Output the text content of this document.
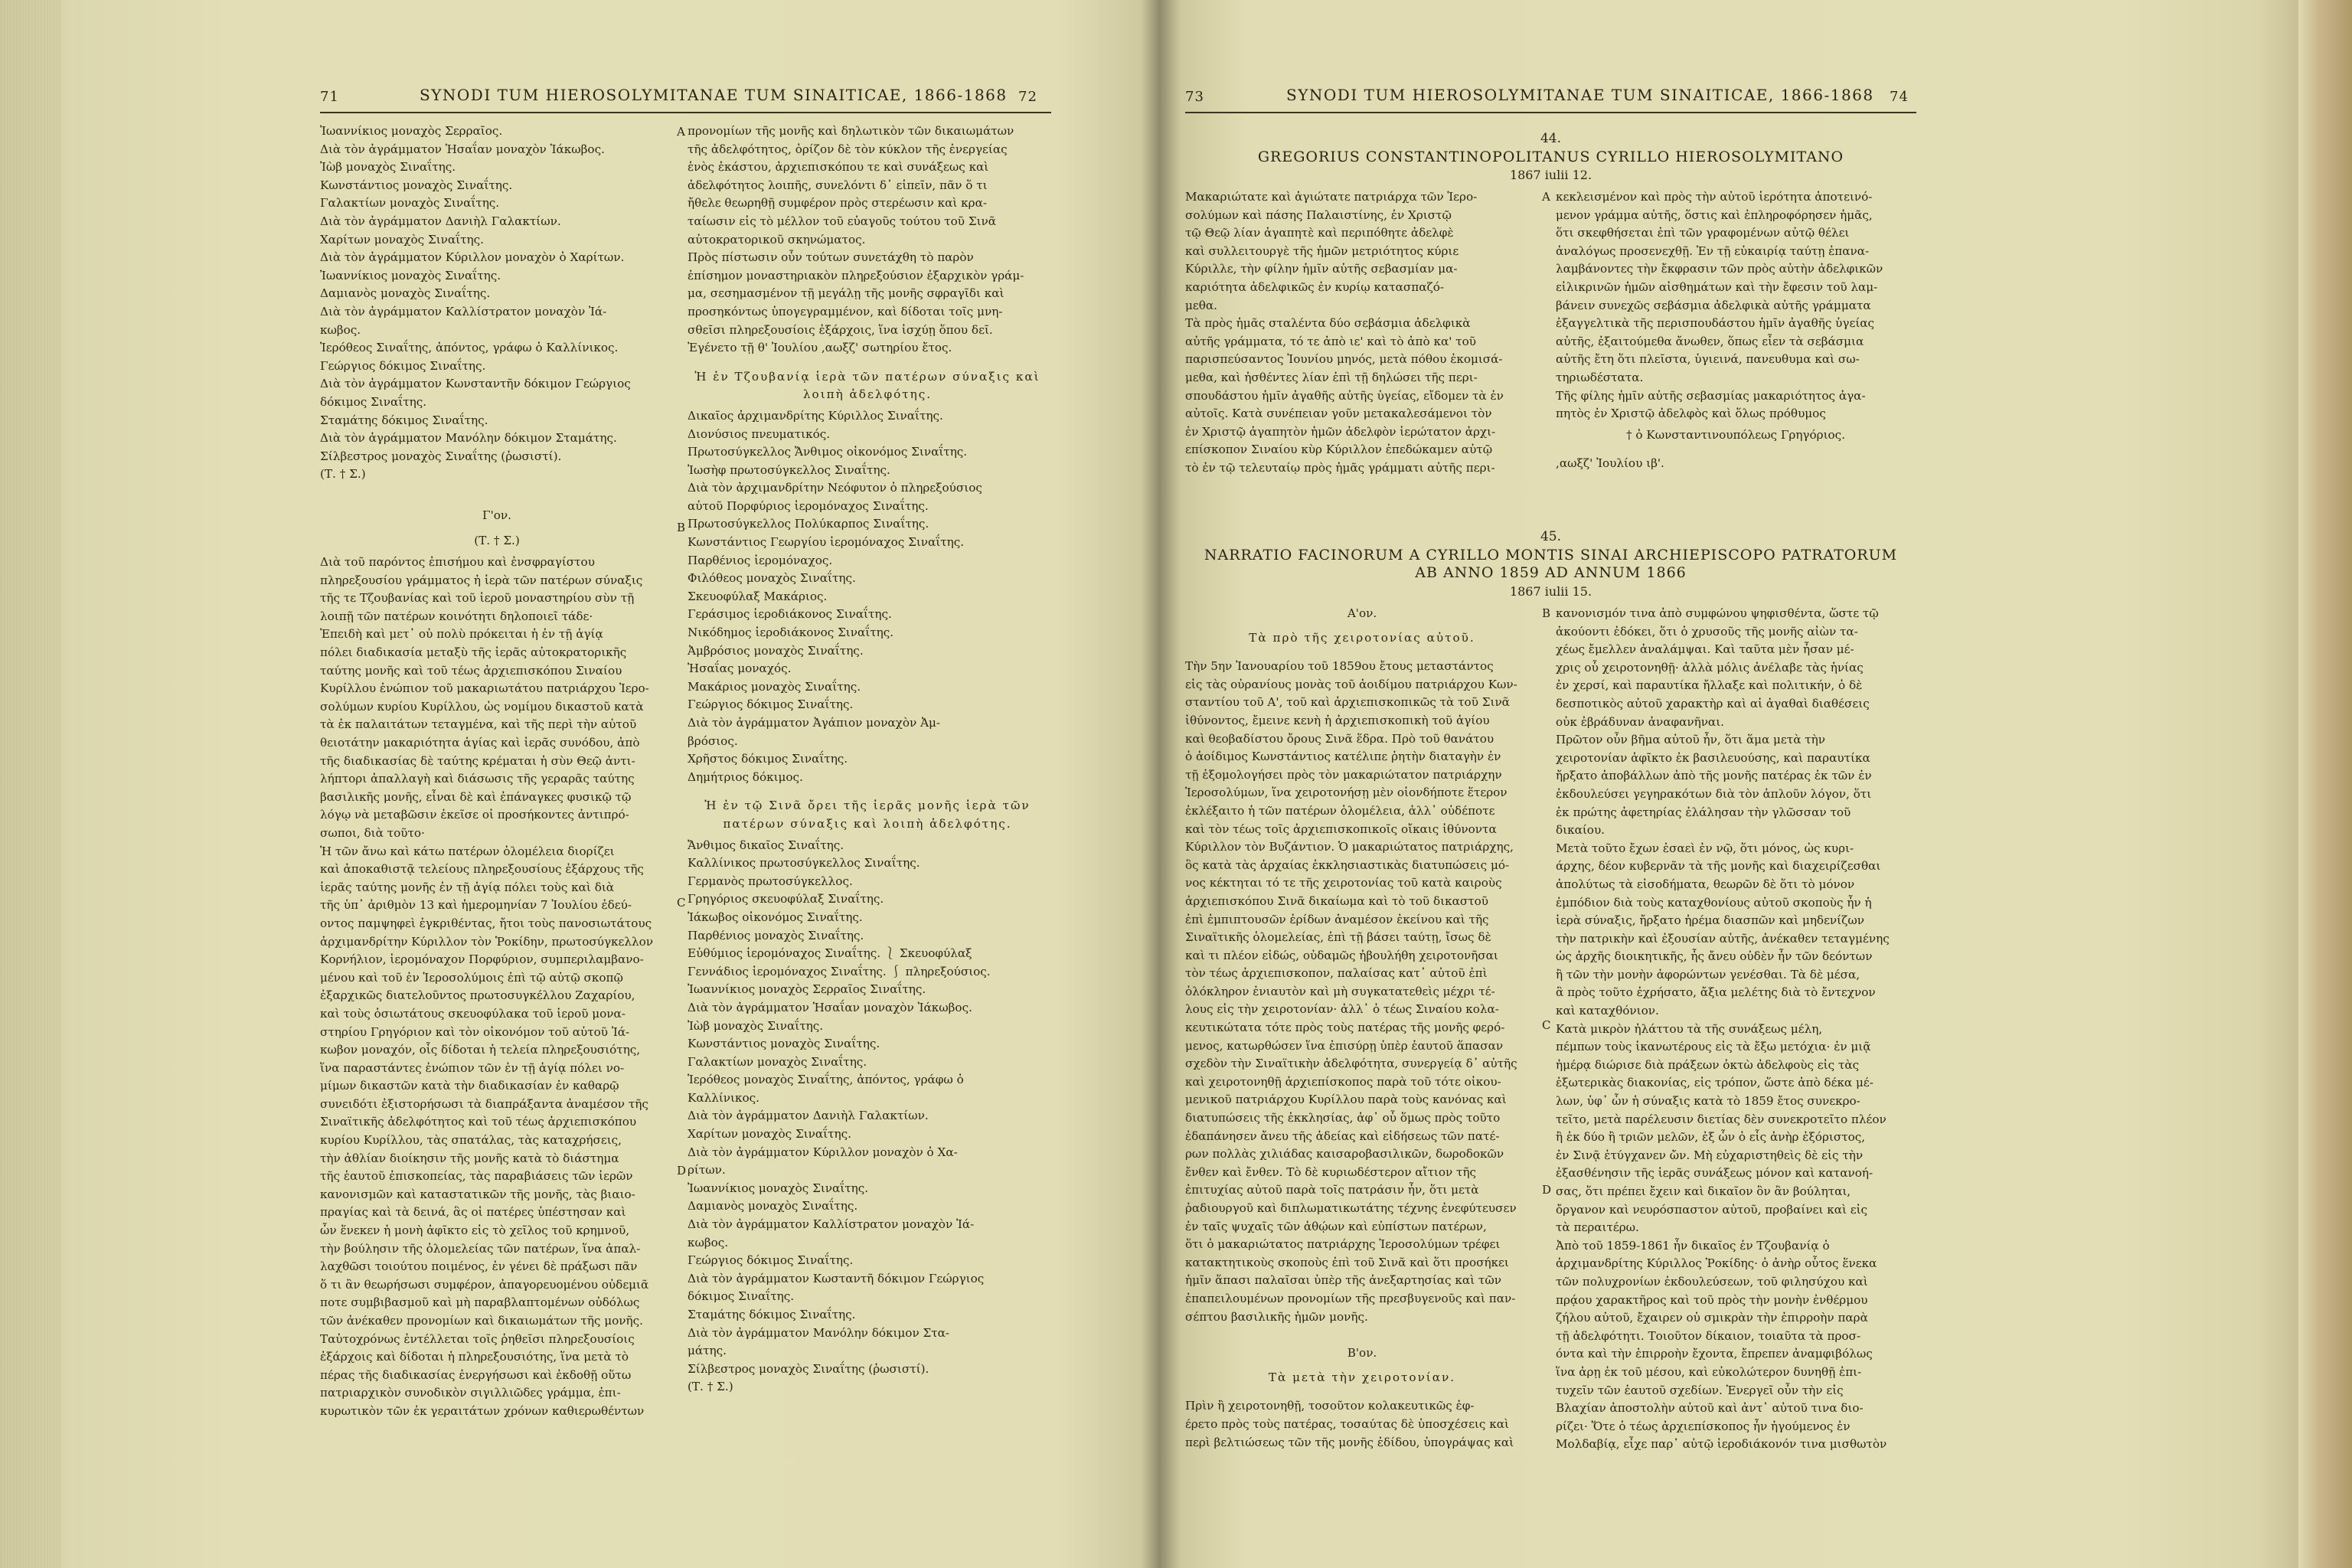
71	SYNODI TUM HIEROSOLYMITANAE TUM SINAITICAE, 1866-1868 72
Ἰωαννίκιος μοναχὸς Σερραῖος.
Διὰ τὸν ἀγράμματον Ἡσαΐαν μοναχὸν Ἰάκωβος.
Ἰὼβ μοναχὸς Σιναΐτης.
Κωνστάντιος μοναχὸς Σιναΐτης.
Γαλακτίων μοναχὸς Σιναΐτης.
Διὰ τὸν ἀγράμματον Δανιὴλ Γαλακτίων.
Χαρίτων μοναχὸς Σιναΐτης.
Διὰ τὸν ἀγράμματον Κύριλλον μοναχὸν ὁ Χαρίτων.
Ἰωαννίκιος μοναχὸς Σιναΐτης.
Δαμιανὸς μοναχὸς Σιναΐτης.
Διὰ τὸν ἀγράμματον Καλλίστρατον μοναχὸν Ἰά-
κωβος.
Ἱερόθεος Σιναΐτης, ἀπόντος, γράφω ὁ Καλλίνικος.
Γεώργιος δόκιμος Σιναΐτης.
Διὰ τὸν ἀγράμματον Κωνσταντῆν δόκιμον Γεώργιος
δόκιμος Σιναΐτης.
Σταμάτης δόκιμος Σιναΐτης.
Διὰ τὸν ἀγράμματον Μανόλην δόκιμον Σταμάτης.
Σίλβεστρος μοναχὸς Σιναΐτης (ῥωσιστί).
(Τ. † Σ.)
Γ'ον.
(Τ. † Σ.)
Διὰ τοῦ παρόντος ἐπισήμου καὶ ἐνσφραγίστου
πληρεξουσίου γράμματος ἡ ἱερὰ τῶν πατέρων σύναξις
τῆς τε Τζουβανίας καὶ τοῦ ἱεροῦ μοναστηρίου σὺν τῇ
λοιπῇ τῶν πατέρων κοινότητι δηλοποιεῖ τάδε·
Ἐπειδὴ καὶ μετ᾽ οὐ πολὺ πρόκειται ἡ ἐν τῇ ἁγίᾳ
πόλει διαδικασία μεταξὺ τῆς ἱερᾶς αὐτοκρατορικῆς
ταύτης μονῆς καὶ τοῦ τέως ἀρχιεπισκόπου Σιναίου
Κυρίλλου ἐνώπιον τοῦ μακαριωτάτου πατριάρχου Ἱερο-
σολύμων κυρίου Κυρίλλου, ὡς νομίμου δικαστοῦ κατὰ
τὰ ἐκ παλαιτάτων τεταγμένα, καὶ τῆς περὶ τὴν αὐτοῦ
θειοτάτην μακαριότητα ἁγίας καὶ ἱερᾶς συνόδου, ἀπὸ
τῆς διαδικασίας δὲ ταύτης κρέμαται ἡ σὺν Θεῷ ἀντι-
λήπτορι ἀπαλλαγὴ καὶ διάσωσις τῆς γεραρᾶς ταύτης
βασιλικῆς μονῆς, εἶναι δὲ καὶ ἐπάναγκες φυσικῷ τῷ
λόγῳ νὰ μεταβῶσιν ἐκεῖσε οἱ προσήκοντες ἀντιπρό-
σωποι, διὰ τοῦτο·
Ἡ τῶν ἄνω καὶ κάτω πατέρων ὁλομέλεια διορίζει
καὶ ἀποκαθιστᾷ τελείους πληρεξουσίους ἐξάρχους τῆς
ἱερᾶς ταύτης μονῆς ἐν τῇ ἁγίᾳ πόλει τοὺς καὶ διὰ
τῆς ὑπ᾽ ἀριθμὸν 13 καὶ ἡμερομηνίαν 7 Ἰουλίου ἐδεύ-
οντος παμψηφεὶ ἐγκριθέντας, ἤτοι τοὺς πανοσιωτάτους
ἀρχιμανδρίτην Κύριλλον τὸν Ῥοκίδην, πρωτοσύγκελλον
Κορνήλιον, ἱερομόναχον Πορφύριον, συμπεριλαμβανο-
μένου καὶ τοῦ ἐν Ἱεροσολύμοις ἐπὶ τῷ αὐτῷ σκοπῷ
ἐξαρχικῶς διατελοῦντος πρωτοσυγκέλλου Ζαχαρίου,
καὶ τοὺς ὁσιωτάτους σκευοφύλακα τοῦ ἱεροῦ μονα-
στηρίου Γρηγόριον καὶ τὸν οἰκονόμον τοῦ αὐτοῦ Ἰά-
κωβον μοναχόν, οἷς δίδοται ἡ τελεία πληρεξουσιότης,
ἵνα παραστάντες ἐνώπιον τῶν ἐν τῇ ἁγίᾳ πόλει νο-
μίμων δικαστῶν κατὰ τὴν διαδικασίαν ἐν καθαρῷ
συνειδότι ἐξιστορήσωσι τὰ διαπράξαντα ἀναμέσον τῆς
Σιναϊτικῆς ἀδελφότητος καὶ τοῦ τέως ἀρχιεπισκόπου
κυρίου Κυρίλλου, τὰς σπατάλας, τὰς καταχρήσεις,
τὴν ἀθλίαν διοίκησιν τῆς μονῆς κατὰ τὸ διάστημα
τῆς ἑαυτοῦ ἐπισκοπείας, τὰς παραβιάσεις τῶν ἱερῶν
κανονισμῶν καὶ καταστατικῶν τῆς μονῆς, τὰς βιαιο-
πραγίας καὶ τὰ δεινά, ἃς οἱ πατέρες ὑπέστησαν καὶ
ὧν ἕνεκεν ἡ μονὴ ἀφῖκτο εἰς τὸ χεῖλος τοῦ κρημνοῦ,
τὴν βούλησιν τῆς ὁλομελείας τῶν πατέρων, ἵνα ἀπαλ-
λαχθῶσι τοιούτου ποιμένος, ἐν γένει δὲ πράξωσι πᾶν
ὅ τι ἂν θεωρήσωσι συμφέρον, ἀπαγορευομένου οὐδεμιᾶ
ποτε συμβιβασμοῦ καὶ μὴ παραβλαπτομένων οὐδόλως
τῶν ἀνέκαθεν προνομίων καὶ δικαιωμάτων τῆς μονῆς.
Ταὐτοχρόνως ἐντέλλεται τοῖς ῥηθεῖσι πληρεξουσίοις
ἐξάρχοις καὶ δίδοται ἡ πληρεξουσιότης, ἵνα μετὰ τὸ
πέρας τῆς διαδικασίας ἐνεργήσωσι καὶ ἐκδοθῇ οὕτω
πατριαρχικὸν συνοδικὸν σιγιλλιῶδες γράμμα, ἐπι-
κυρωτικὸν τῶν ἐκ γεραιτάτων χρόνων καθιερωθέντων
προνομίων τῆς μονῆς καὶ δηλωτικὸν τῶν δικαιωμάτων
τῆς ἀδελφότητος, ὁρίζον δὲ τὸν κύκλον τῆς ἐνεργείας
ἑνὸς ἑκάστου, ἀρχιεπισκόπου τε καὶ συνάξεως καὶ
ἀδελφότητος λοιπῆς, συνελόντι δ᾽ εἰπεῖν, πᾶν ὅ τι
ἤθελε θεωρηθῇ συμφέρον πρὸς στερέωσιν καὶ κρα-
ταίωσιν εἰς τὸ μέλλον τοῦ εὐαγοῦς τούτου τοῦ Σινᾶ
αὐτοκρατορικοῦ σκηνώματος.
Πρὸς πίστωσιν οὖν τούτων συνετάχθη τὸ παρὸν
ἐπίσημον μοναστηριακὸν πληρεξούσιον ἐξαρχικὸν γράμ-
μα, σεσημασμένον τῇ μεγάλῃ τῆς μονῆς σφραγῖδι καὶ
προσηκόντως ὑπογεγραμμένον, καὶ δίδοται τοῖς μνη-
σθεῖσι πληρεξουσίοις ἐξάρχοις, ἵνα ἰσχύῃ ὅπου δεῖ.
Ἐγένετο τῇ θ' Ἰουλίου ,αωξζ' σωτηρίου ἔτος.
Ἡ ἐν Τζουβανίᾳ ἱερὰ τῶν πατέρων σύναξις καὶ λοιπὴ ἀδελφότης.
Δικαῖος ἀρχιμανδρίτης Κύριλλος Σιναΐτης.
Διονύσιος πνευματικός.
Πρωτοσύγκελλος Ἄνθιμος οἰκονόμος Σιναΐτης.
Ἰωσὴφ πρωτοσύγκελλος Σιναΐτης.
Διὰ τὸν ἀρχιμανδρίτην Νεόφυτον ὁ πληρεξούσιος
αὐτοῦ Πορφύριος ἱερομόναχος Σιναΐτης.
Πρωτοσύγκελλος Πολύκαρπος Σιναΐτης.
Κωνστάντιος Γεωργίου ἱερομόναχος Σιναΐτης.
Παρθένιος ἱερομόναχος.
Φιλόθεος μοναχὸς Σιναΐτης.
Σκευοφύλαξ Μακάριος.
Γεράσιμος ἱεροδιάκονος Σιναΐτης.
Νικόδημος ἱεροδιάκονος Σιναΐτης.
Ἀμβρόσιος μοναχὸς Σιναΐτης.
Ἡσαΐας μοναχός.
Μακάριος μοναχὸς Σιναΐτης.
Γεώργιος δόκιμος Σιναΐτης.
Διὰ τὸν ἀγράμματον Ἀγάπιον μοναχὸν Ἀμ-
βρόσιος.
Χρῆστος δόκιμος Σιναΐτης.
Δημήτριος δόκιμος.
Ἡ ἐν τῷ Σινᾶ ὄρει τῆς ἱερᾶς μονῆς ἱερὰ τῶν πατέρων σύναξις καὶ λοιπὴ ἀδελφότης.
Ἄνθιμος δικαῖος Σιναΐτης.
Καλλίνικος πρωτοσύγκελλος Σιναΐτης.
Γερμανὸς πρωτοσύγκελλος.
Γρηγόριος σκευοφύλαξ Σιναΐτης.
Ἰάκωβος οἰκονόμος Σιναΐτης.
Παρθένιος μοναχὸς Σιναΐτης.
Εὐθύμιος ἱερομόναχος Σιναΐτης. ⎱ Σκευοφύλαξ
Γεννάδιος ἱερομόναχος Σιναΐτης. ⎰ πληρεξούσιος.
Ἰωαννίκιος μοναχὸς Σερραῖος Σιναΐτης.
Διὰ τὸν ἀγράμματον Ἡσαΐαν μοναχὸν Ἰάκωβος.
Ἰὼβ μοναχὸς Σιναΐτης.
Κωνστάντιος μοναχὸς Σιναΐτης.
Γαλακτίων μοναχὸς Σιναΐτης.
Ἱερόθεος μοναχὸς Σιναΐτης, ἀπόντος, γράφω ὁ
Καλλίνικος.
Διὰ τὸν ἀγράμματον Δανιὴλ Γαλακτίων.
Χαρίτων μοναχὸς Σιναΐτης.
Διὰ τὸν ἀγράμματον Κύριλλον μοναχὸν ὁ Χα-
ρίτων.
Ἰωαννίκιος μοναχὸς Σιναΐτης.
Δαμιανὸς μοναχὸς Σιναΐτης.
Διὰ τὸν ἀγράμματον Καλλίστρατον μοναχὸν Ἰά-
κωβος.
Γεώργιος δόκιμος Σιναΐτης.
Διὰ τὸν ἀγράμματον Κωσταντῆ δόκιμον Γεώργιος
δόκιμος Σιναΐτης.
Σταμάτης δόκιμος Σιναΐτης.
Διὰ τὸν ἀγράμματον Μανόλην δόκιμον Στα-
μάτης.
Σίλβεστρος μοναχὸς Σιναΐτης (ῥωσιστί).
(Τ. † Σ.)
A
B
C
D
73	SYNODI TUM HIEROSOLYMITANAE TUM SINAITICAE, 1866-1868 74
44.
GREGORIUS CONSTANTINOPOLITANUS CYRILLO HIEROSOLYMITANO
1867 iulii 12.
Μακαριώτατε καὶ ἁγιώτατε πατριάρχα τῶν Ἱερο-
σολύμων καὶ πάσης Παλαιστίνης, ἐν Χριστῷ
τῷ Θεῷ λίαν ἀγαπητὲ καὶ περιπόθητε ἀδελφὲ
καὶ συλλειτουργὲ τῆς ἡμῶν μετριότητος κύριε
Κύριλλε, τὴν φίλην ἡμῖν αὐτῆς σεβασμίαν μα-
καριότητα ἀδελφικῶς ἐν κυρίῳ κατασπαζό-
μεθα.
Τὰ πρὸς ἡμᾶς σταλέντα δύο σεβάσμια ἀδελφικὰ
αὐτῆς γράμματα, τό τε ἀπὸ ιε' καὶ τὸ ἀπὸ κα' τοῦ
παρισπεύσαντος Ἰουνίου μηνός, μετὰ πόθου ἐκομισά-
μεθα, καὶ ἠσθέντες λίαν ἐπὶ τῇ δηλώσει τῆς περι-
σπουδάστου ἡμῖν ἀγαθῆς αὐτῆς ὑγείας, εἴδομεν τὰ ἐν
αὐτοῖς. Κατὰ συνέπειαν γοῦν μετακαλεσάμενοι τὸν
ἐν Χριστῷ ἀγαπητὸν ἡμῶν ἀδελφὸν ἱερώτατον ἀρχι-
επίσκοπον Σιναίου κὺρ Κύριλλον ἐπεδώκαμεν αὐτῷ
τὸ ἐν τῷ τελευταίῳ πρὸς ἡμᾶς γράμματι αὐτῆς περι-
κεκλεισμένον καὶ πρὸς τὴν αὐτοῦ ἱερότητα ἀποτεινό-
μενον γράμμα αὐτῆς, ὅστις καὶ ἐπληροφόρησεν ἡμᾶς,
ὅτι σκεφθήσεται ἐπὶ τῶν γραφομένων αὐτῷ θέλει
ἀναλόγως προσενεχθῇ. Ἐν τῇ εὐκαιρίᾳ ταύτῃ ἐπανα-
λαμβάνοντες τὴν ἔκφρασιν τῶν πρὸς αὐτὴν ἀδελφικῶν
εἰλικρινῶν ἡμῶν αἰσθημάτων καὶ τὴν ἔφεσιν τοῦ λαμ-
βάνειν συνεχῶς σεβάσμια ἀδελφικὰ αὐτῆς γράμματα
ἐξαγγελτικὰ τῆς περισπουδάστου ἡμῖν ἀγαθῆς ὑγείας
αὐτῆς, ἐξαιτούμεθα ἄνωθεν, ὅπως εἶεν τὰ σεβάσμια
αὐτῆς ἔτη ὅτι πλεῖστα, ὑγιεινά, πανευθυμα καὶ σω-
τηριωδέστατα.
Τῆς φίλης ἡμῖν αὐτῆς σεβασμίας μακαριότητος ἀγα-
πητὸς ἐν Χριστῷ ἀδελφὸς καὶ ὅλως πρόθυμος
† ὁ Κωνσταντινουπόλεως Γρηγόριος.
,αωξζ' Ἰουλίου ιβ'.
A
45.
NARRATIO FACINORUM A CYRILLO MONTIS SINAI ARCHIEPISCOPO PATRATORUM
AB ANNO 1859 AD ANNUM 1866
1867 iulii 15.
Α'ον.
Τὰ πρὸ τῆς χειροτονίας αὐτοῦ.
Τὴν 5ην Ἰανουαρίου τοῦ 1859ου ἔτους μεταστάντος
εἰς τὰς οὐρανίους μονὰς τοῦ ἀοιδίμου πατριάρχου Κων-
σταντίου τοῦ Α', τοῦ καὶ ἀρχιεπισκοπικῶς τὰ τοῦ Σινᾶ
ἰθύνοντος, ἔμεινε κενὴ ἡ ἀρχιεπισκοπικὴ τοῦ ἁγίου
καὶ θεοβαδίστου ὄρους Σινᾶ ἕδρα. Πρὸ τοῦ θανάτου
ὁ ἀοίδιμος Κωνστάντιος κατέλιπε ῥητὴν διαταγὴν ἐν
τῇ ἐξομολογήσει πρὸς τὸν μακαριώτατον πατριάρχην
Ἱεροσολύμων, ἵνα χειροτονήσῃ μὲν οἱονδήποτε ἕτερον
ἐκλέξαιτο ἡ τῶν πατέρων ὁλομέλεια, ἀλλ᾽ οὐδέποτε
καὶ τὸν τέως τοῖς ἀρχιεπισκοπικοῖς οἴκαις ἰθύνοντα
Κύριλλον τὸν Βυζάντιον. Ὁ μακαριώτατος πατριάρχης,
ὃς κατὰ τὰς ἀρχαίας ἐκκλησιαστικὰς διατυπώσεις μό-
νος κέκτηται τό τε τῆς χειροτονίας τοῦ κατὰ καιροὺς
ἀρχιεπισκόπου Σινᾶ δικαίωμα καὶ τὸ τοῦ δικαστοῦ
ἐπὶ ἐμπιπτουσῶν ἐρίδων ἀναμέσον ἐκείνου καὶ τῆς
Σιναϊτικῆς ὁλομελείας, ἐπὶ τῇ βάσει ταύτῃ, ἴσως δὲ
καὶ τι πλέον εἰδώς, οὐδαμῶς ἠβουλήθη χειροτονῆσαι
τὸν τέως ἀρχιεπισκοπον, παλαίσας κατ᾽ αὐτοῦ ἐπὶ
ὁλόκληρον ἐνιαυτὸν καὶ μὴ συγκατατεθεὶς μέχρι τέ-
λους εἰς τὴν χειροτονίαν· ἀλλ᾽ ὁ τέως Σιναίου κολα-
κευτικώτατα τότε πρὸς τοὺς πατέρας τῆς μονῆς φερό-
μενος, κατωρθώσεν ἵνα ἐπισύρῃ ὑπὲρ ἑαυτοῦ ἅπασαν
σχεδὸν τὴν Σιναϊτικὴν ἀδελφότητα, συνεργείᾳ δ᾽ αὐτῆς
καὶ χειροτονηθῇ ἀρχιεπίσκοπος παρὰ τοῦ τότε οἰκου-
μενικοῦ πατριάρχου Κυρίλλου παρὰ τοὺς κανόνας καὶ
διατυπώσεις τῆς ἐκκλησίας, ἀφ᾽ οὗ ὅμως πρὸς τοῦτο
ἐδαπάνησεν ἄνευ τῆς ἀδείας καὶ εἰδήσεως τῶν πατέ-
ρων πολλὰς χιλιάδας καισαροβασιλικῶν, δωροδοκῶν
ἔνθεν καὶ ἔνθεν. Τὸ δὲ κυριωδέστερον αἴτιον τῆς
ἐπιτυχίας αὐτοῦ παρὰ τοῖς πατράσιν ἦν, ὅτι μετὰ
ῥαδιουργοῦ καὶ διπλωματικωτάτης τέχνης ἐνεφύτευσεν
ἐν ταῖς ψυχαῖς τῶν ἀθῴων καὶ εὐπίστων πατέρων,
ὅτι ὁ μακαριώτατος πατριάρχης Ἱεροσολύμων τρέφει
κατακτητικοὺς σκοποὺς ἐπὶ τοῦ Σινᾶ καὶ ὅτι προσήκει
ἡμῖν ἅπασι παλαῖσαι ὑπὲρ τῆς ἀνεξαρτησίας καὶ τῶν
ἐπαπειλουμένων προνομίων τῆς πρεσβυγενοῦς καὶ παν-
σέπτου βασιλικῆς ἡμῶν μονῆς.
Β'ον.
Τὰ μετὰ τὴν χειροτονίαν.
Πρὶν ἢ χειροτονηθῇ, τοσοῦτον κολακευτικῶς ἐφ-
έρετο πρὸς τοὺς πατέρας, τοσαύτας δὲ ὑποσχέσεις καὶ
περὶ βελτιώσεως τῶν τῆς μονῆς ἐδίδου, ὑπογράψας καὶ
κανονισμόν τινα ἀπὸ συμφώνου ψηφισθέντα, ὥστε τῷ
ἀκούοντι ἐδόκει, ὅτι ὁ χρυσοῦς τῆς μονῆς αἰὼν τα-
χέως ἔμελλεν ἀναλάμψαι. Καὶ ταῦτα μὲν ἦσαν μέ-
χρις οὗ χειροτονηθῇ· ἀλλὰ μόλις ἀνέλαβε τὰς ἡνίας
ἐν χερσί, καὶ παραυτίκα ἤλλαξε καὶ πολιτικήν, ὁ δὲ
δεσποτικὸς αὐτοῦ χαρακτὴρ καὶ αἱ ἀγαθαὶ διαθέσεις
οὐκ ἐβράδυναν ἀναφανῆναι.
Πρῶτον οὖν βῆμα αὐτοῦ ἦν, ὅτι ἅμα μετὰ τὴν
χειροτονίαν ἀφῖκτο ἐκ βασιλευούσης, καὶ παραυτίκα
ἤρξατο ἀποβάλλων ἀπὸ τῆς μονῆς πατέρας ἐκ τῶν ἐν
ἐκδουλεύσει γεγηρακότων διὰ τὸν ἁπλοῦν λόγον, ὅτι
ἐκ πρώτης ἀφετηρίας ἐλάλησαν τὴν γλῶσσαν τοῦ
δικαίου.
Μετὰ τοῦτο ἔχων ἐσαεὶ ἐν νῷ, ὅτι μόνος, ὡς κυρι-
άρχης, δέον κυβερνᾶν τὰ τῆς μονῆς καὶ διαχειρίζεσθαι
ἀπολύτως τὰ εἰσοδήματα, θεωρῶν δὲ ὅτι τὸ μόνον
ἐμπόδιον διὰ τοὺς καταχθονίους αὐτοῦ σκοποὺς ἦν ἡ
ἱερὰ σύναξις, ἤρξατο ἠρέμα διασπῶν καὶ μηδενίζων
τὴν πατρικὴν καὶ ἐξουσίαν αὐτῆς, ἀνέκαθεν τεταγμένης
ὡς ἀρχῆς διοικητικῆς, ἧς ἄνευ οὐδὲν ἦν τῶν δεόντων
ἢ τῶν τὴν μονὴν ἀφορώντων γενέσθαι. Τὰ δὲ μέσα,
ἃ πρὸς τοῦτο ἐχρήσατο, ἄξια μελέτης διὰ τὸ ἔντεχνον
καὶ καταχθόνιον.
Κατὰ μικρὸν ἠλάττου τὰ τῆς συνάξεως μέλη,
πέμπων τοὺς ἱκανωτέρους εἰς τὰ ἔξω μετόχια· ἐν μιᾷ
ἡμέρᾳ διώρισε διὰ πράξεων ὀκτὼ ἀδελφοὺς εἰς τὰς
ἐξωτερικὰς διακονίας, εἰς τρόπον, ὥστε ἀπὸ δέκα μέ-
λων, ὑφ᾽ ὧν ἡ σύναξις κατὰ τὸ 1859 ἔτος συνεκρο-
τεῖτο, μετὰ παρέλευσιν διετίας δὲν συνεκροτεῖτο πλέον
ἢ ἐκ δύο ἢ τριῶν μελῶν, ἐξ ὧν ὁ εἷς ἀνὴρ ἐξόριστος,
ἐν Σινᾷ ἐτύγχανεν ὤν. Μὴ εὐχαριστηθεὶς δὲ εἰς τὴν
ἐξασθένησιν τῆς ἱερᾶς συνάξεως μόνον καὶ κατανοή-
σας, ὅτι πρέπει ἔχειν καὶ δικαῖον ὃν ἂν βούληται,
ὄργανον καὶ νευρόσπαστον αὐτοῦ, προβαίνει καὶ εἰς
τὰ περαιτέρω.
Ἀπὸ τοῦ 1859-1861 ἦν δικαῖος ἐν Τζουβανίᾳ ὁ
ἀρχιμανδρίτης Κύριλλος Ῥοκίδης· ὁ ἀνὴρ οὗτος ἕνεκα
τῶν πολυχρονίων ἐκδουλεύσεων, τοῦ φιλησύχου καὶ
πρᾴου χαρακτῆρος καὶ τοῦ πρὸς τὴν μονὴν ἐνθέρμου
ζήλου αὐτοῦ, ἔχαιρεν οὐ σμικρὰν τὴν ἐπιρροὴν παρὰ
τῇ ἀδελφότητι. Τοιοῦτον δίκαιον, τοιαῦτα τὰ προσ-
όντα καὶ τὴν ἐπιρροὴν ἔχοντα, ἔπρεπεν ἀναμφιβόλως
ἵνα ἀρῃ ἐκ τοῦ μέσου, καὶ εὐκολώτερον δυνηθῇ ἐπι-
τυχεῖν τῶν ἑαυτοῦ σχεδίων. Ἐνεργεῖ οὖν τὴν εἰς
Βλαχίαν ἀποστολὴν αὐτοῦ καὶ ἀντ᾽ αὐτοῦ τινα διο-
ρίζει· Ὅτε ὁ τέως ἀρχιεπίσκοπος ἦν ἡγούμενος ἐν
Μολδαβίᾳ, εἶχε παρ᾽ αὐτῷ ἱεροδιάκονόν τινα μισθωτὸν
B
C
D
